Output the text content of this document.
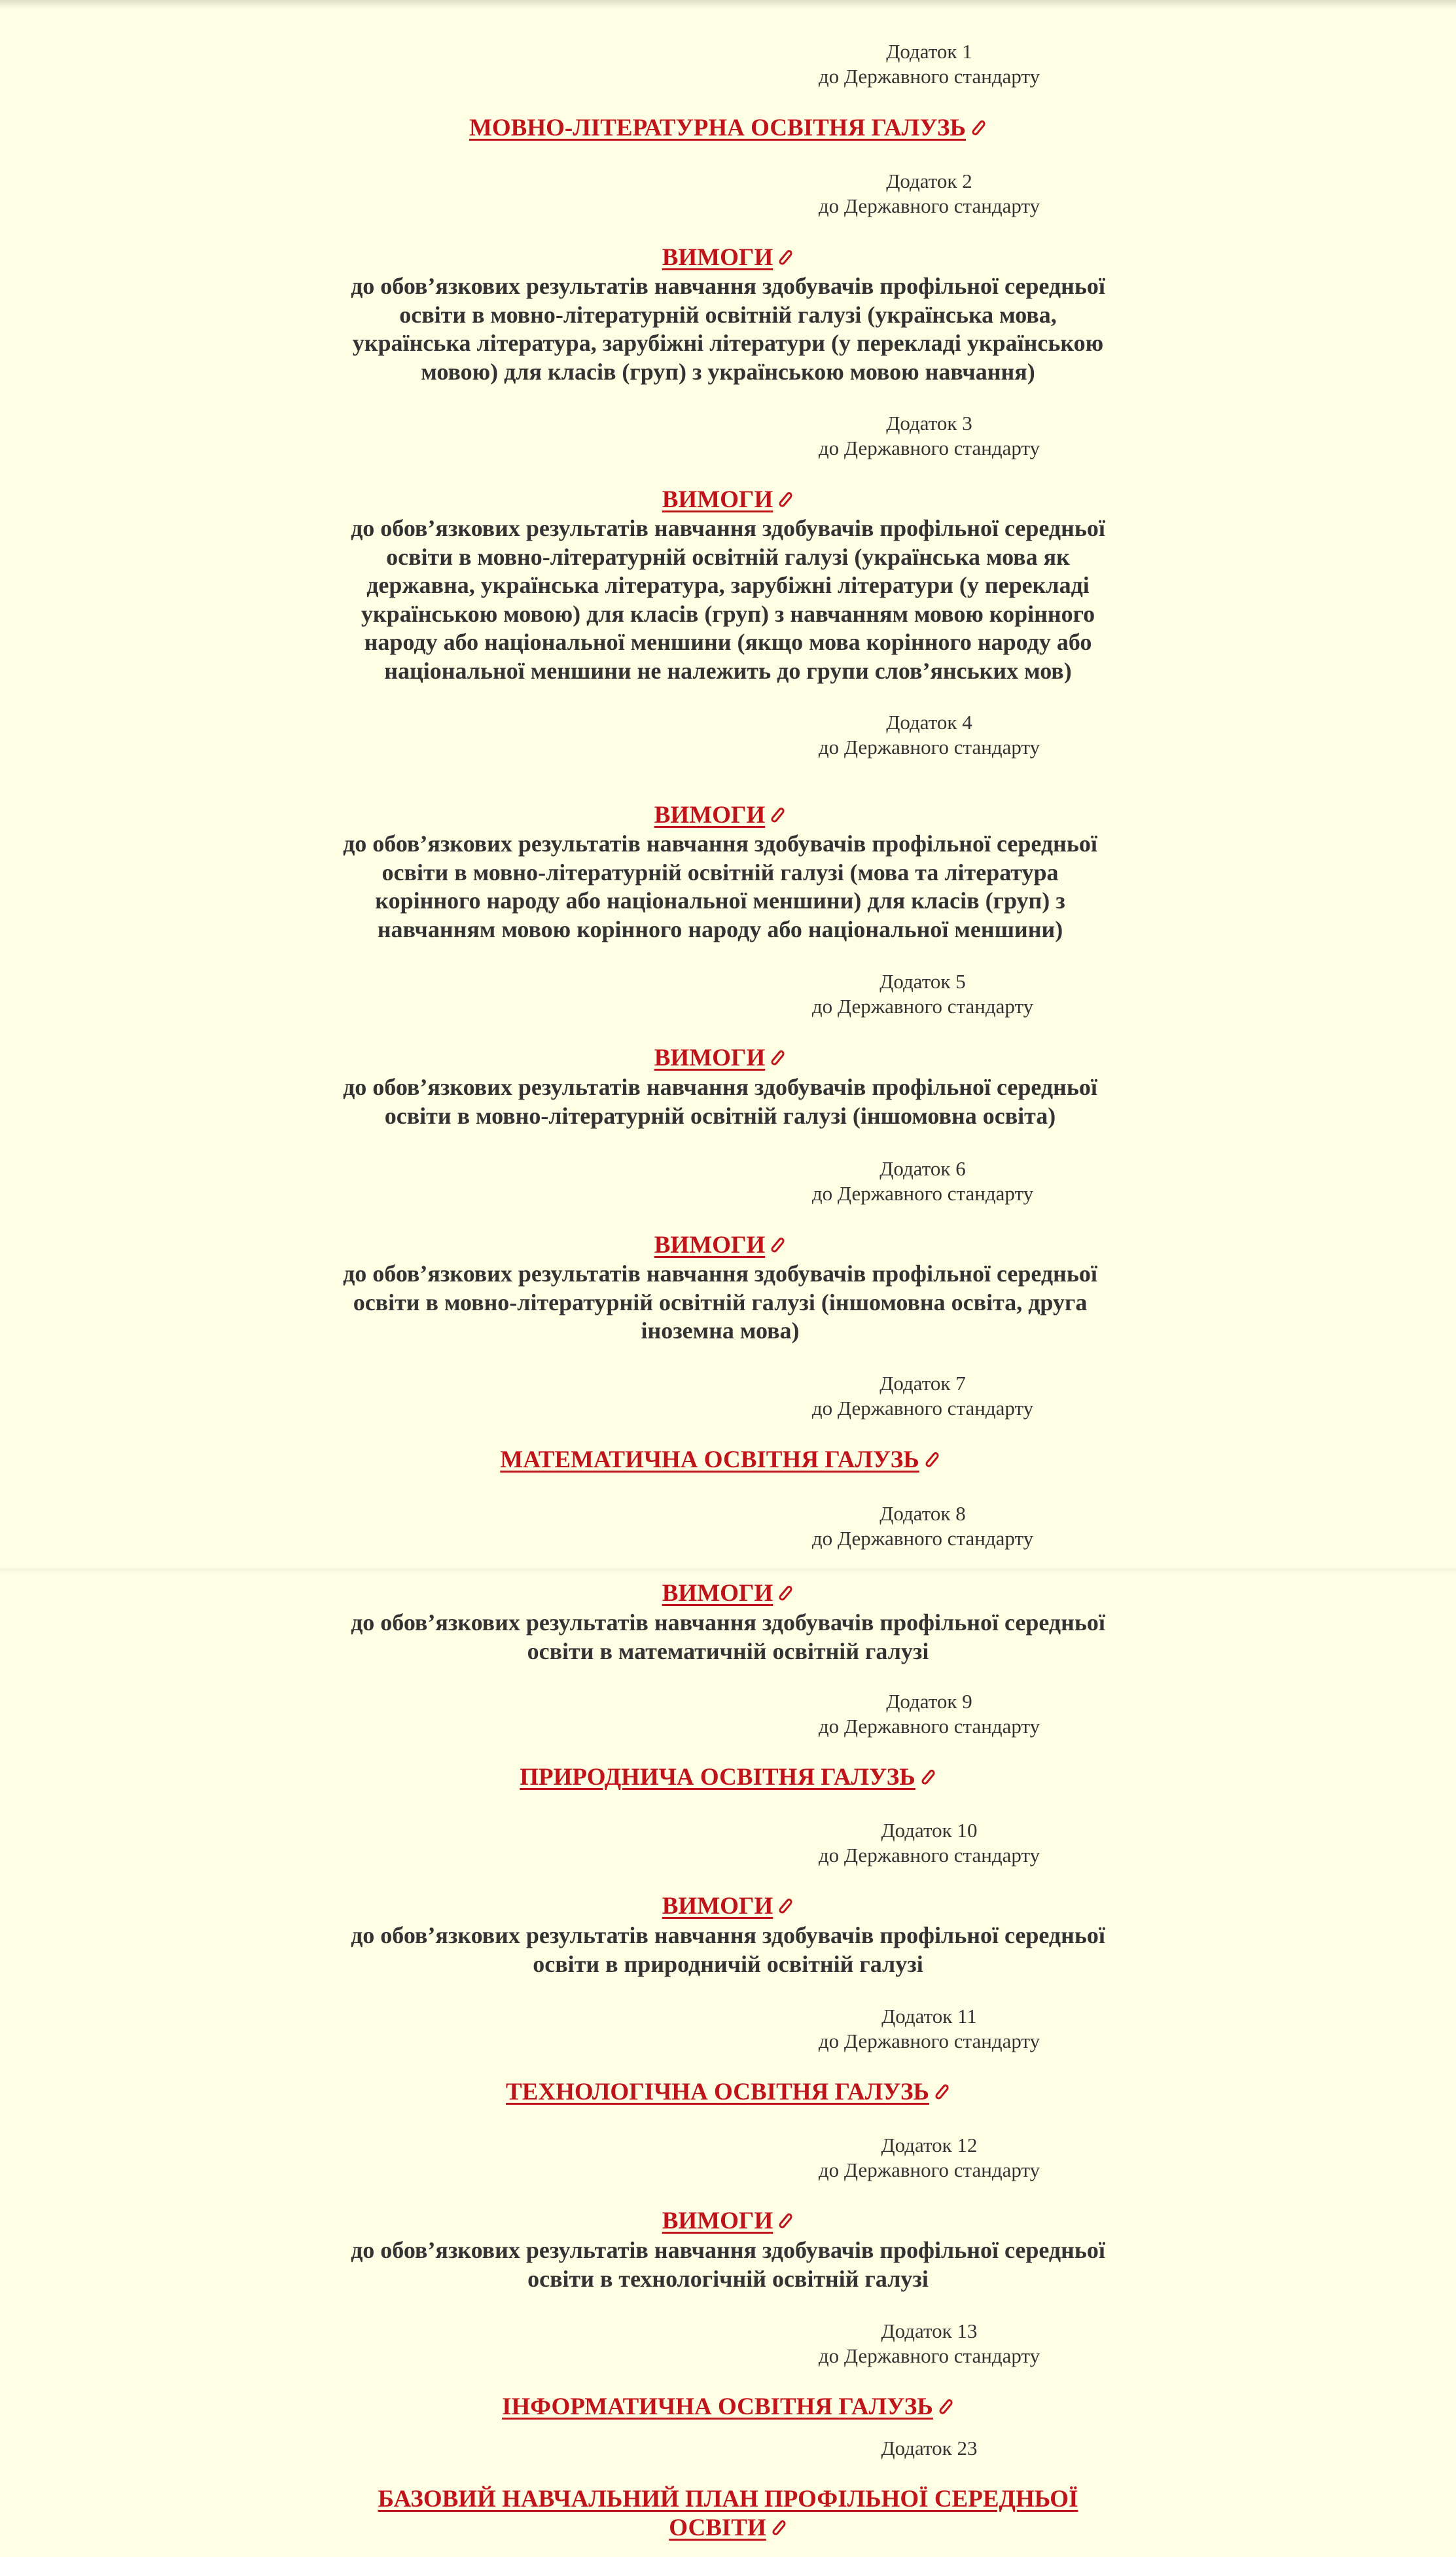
Додаток 1
до Державного стандарту
МОВНО-ЛІТЕРАТУРНА ОСВІТНЯ ГАЛУЗЬ
Додаток 2
до Державного стандарту
ВИМОГИ
до обов’язкових результатів навчання здобувачів профільної середньої
освіти в мовно-літературній освітній галузі (українська мова,
українська література, зарубіжні літератури (у перекладі українською
мовою) для класів (груп) з українською мовою навчання)
Додаток 3
до Державного стандарту
ВИМОГИ
до обов’язкових результатів навчання здобувачів профільної середньої
освіти в мовно-літературній освітній галузі (українська мова як
державна, українська література, зарубіжні літератури (у перекладі
українською мовою) для класів (груп) з навчанням мовою корінного
народу або національної меншини (якщо мова корінного народу або
національної меншини не належить до групи слов’янських мов)
Додаток 4
до Державного стандарту
ВИМОГИ
до обов’язкових результатів навчання здобувачів профільної середньої
освіти в мовно-літературній освітній галузі (мова та література
корінного народу або національної меншини) для класів (груп) з
навчанням мовою корінного народу або національної меншини)
Додаток 5
до Державного стандарту
ВИМОГИ
до обов’язкових результатів навчання здобувачів профільної середньої
освіти в мовно-літературній освітній галузі (іншомовна освіта)
Додаток 6
до Державного стандарту
ВИМОГИ
до обов’язкових результатів навчання здобувачів профільної середньої
освіти в мовно-літературній освітній галузі (іншомовна освіта, друга
іноземна мова)
Додаток 7
до Державного стандарту
МАТЕМАТИЧНА ОСВІТНЯ ГАЛУЗЬ
Додаток 8
до Державного стандарту
ВИМОГИ
до обов’язкових результатів навчання здобувачів профільної середньої
освіти в математичній освітній галузі
Додаток 9
до Державного стандарту
ПРИРОДНИЧА ОСВІТНЯ ГАЛУЗЬ
Додаток 10
до Державного стандарту
ВИМОГИ
до обов’язкових результатів навчання здобувачів профільної середньої
освіти в природничій освітній галузі
Додаток 11
до Державного стандарту
ТЕХНОЛОГІЧНА ОСВІТНЯ ГАЛУЗЬ
Додаток 12
до Державного стандарту
ВИМОГИ
до обов’язкових результатів навчання здобувачів профільної середньої
освіти в технологічній освітній галузі
Додаток 13
до Державного стандарту
ІНФОРМАТИЧНА ОСВІТНЯ ГАЛУЗЬ
Додаток 23
БАЗОВИЙ НАВЧАЛЬНИЙ ПЛАН ПРОФІЛЬНОЇ СЕРЕДНЬОЇ
ОСВІТИ
